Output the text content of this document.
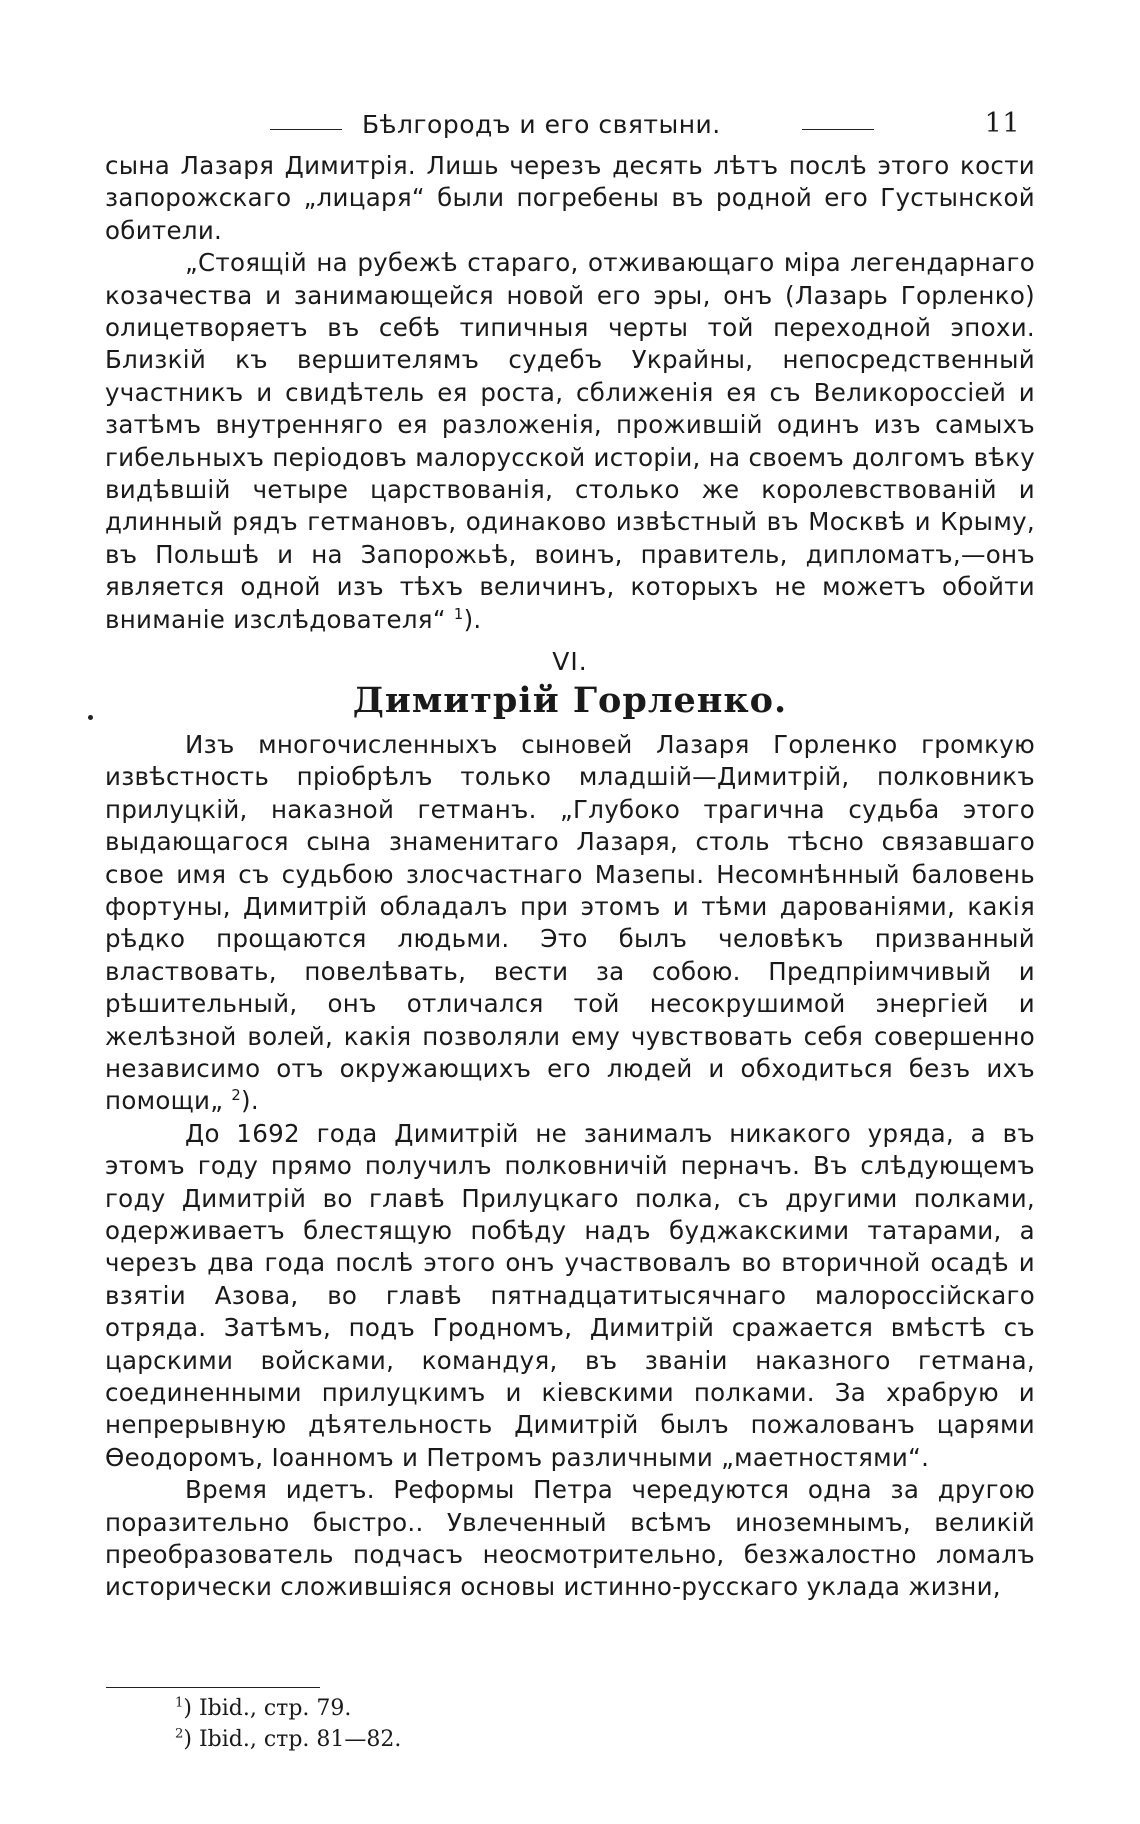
Бѣлгородъ и его святыни.	11

сына Лазаря Димитрія. Лишь черезъ десять лѣтъ послѣ этого кости запорожскаго „лицаря“ были погребены въ родной его Густынской обители.

„Стоящій на рубежѣ стараго, отживающаго міра легендарнаго козачества и занимающейся новой его эры, онъ (Лазарь Горленко) олицетворяетъ въ себѣ типичныя черты той переходной эпохи. Близкій къ вершителямъ судебъ Украйны, непосредственный участникъ и свидѣтель ея роста, сближенія ея съ Великороссіей и затѣмъ внутренняго ея разложенія, прожившій одинъ изъ самыхъ гибельныхъ періодовъ малорусской исторіи, на своемъ долгомъ вѣку видѣвшій четыре царствованія, столько же королевствованій и длинный рядъ гетмановъ, одинаково извѣстный въ Москвѣ и Крыму, въ Польшѣ и на Запорожьѣ, воинъ, правитель, дипломатъ,—онъ является одной изъ тѣхъ величинъ, которыхъ не можетъ обойти вниманіе изслѣдователя“ $^1$).

VI.
Димитрій Горленко.

Изъ многочисленныхъ сыновей Лазаря Горленко громкую извѣстность пріобрѣлъ только младшій—Димитрій, полковникъ прилуцкій, наказной гетманъ. „Глубоко трагична судьба этого выдающагося сына знаменитаго Лазаря, столь тѣсно связавшаго свое имя съ судьбою злосчастнаго Мазепы. Несомнѣнный баловень фортуны, Димитрій обладалъ при этомъ и тѣми дарованіями, какія рѣдко прощаются людьми. Это былъ человѣкъ призванный властвовать, повелѣвать, вести за собою. Предпріимчивый и рѣшительный, онъ отличался той несокрушимой энергіей и желѣзной волей, какія позволяли ему чувствовать себя совершенно независимо отъ окружающихъ его людей и обходиться безъ ихъ помощи„ $^2$).

До 1692 года Димитрій не занималъ никакого уряда, а въ этомъ году прямо получилъ полковничій перначъ. Въ слѣдующемъ году Димитрій во главѣ Прилуцкаго полка, съ другими полками, одерживаетъ блестящую побѣду надъ буджакскими татарами, а черезъ два года послѣ этого онъ участвовалъ во вторичной осадѣ и взятіи Азова, во главѣ пятнадцатитысячнаго малороссійскаго отряда. Затѣмъ, подъ Гродномъ, Димитрій сражается вмѣстѣ съ царскими войсками, командуя, въ званіи наказного гетмана, соединенными прилуцкимъ и кіевскими полками. За храбрую и непрерывную дѣятельность Димитрій былъ пожалованъ царями Ѳеодоромъ, Іоанномъ и Петромъ различными „маетностями“.

Время идетъ. Реформы Петра чередуются одна за другою поразительно быстро.. Увлеченный всѣмъ иноземнымъ, великій преобразователь подчасъ неосмотрительно, безжалостно ломалъ исторически сложившіяся основы истинно-русскаго уклада жизни,

$^1$) Ibid., стр. 79.
$^2$) Ibid., стр. 81—82.
